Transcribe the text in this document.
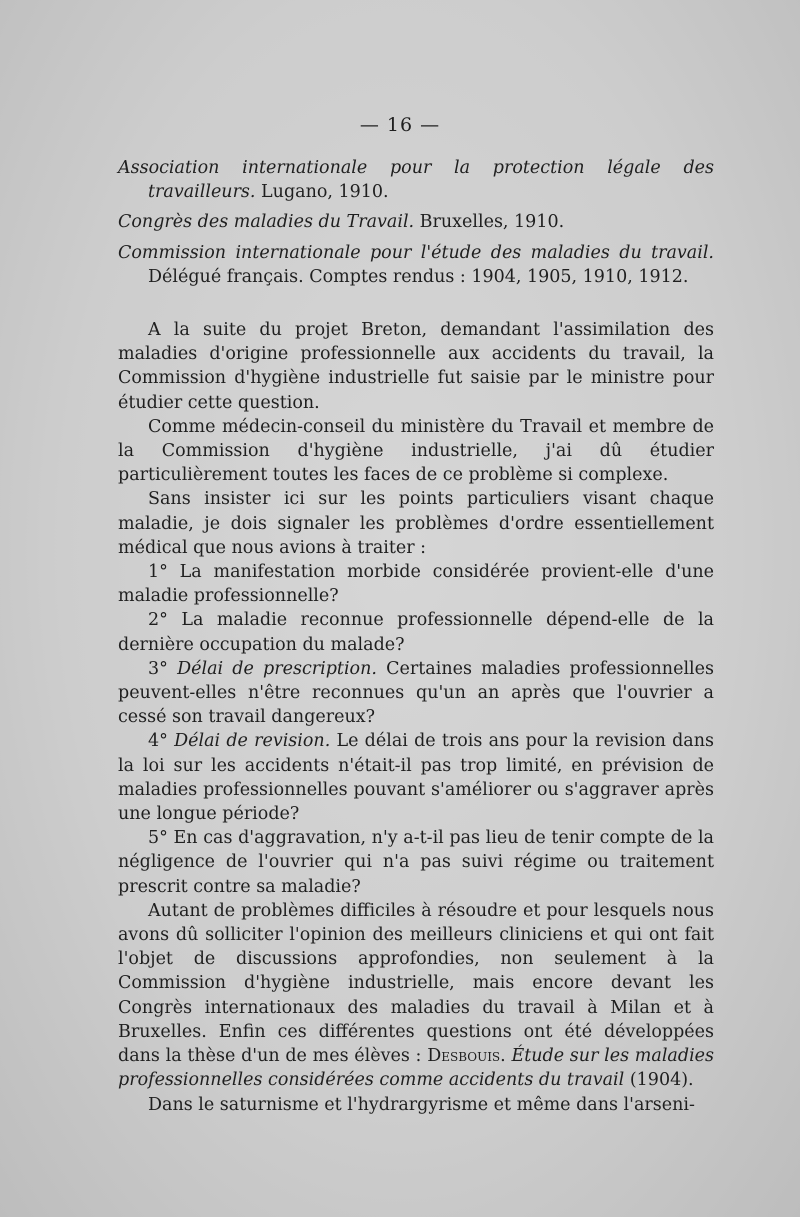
— 16 —
Association internationale pour la protection légale des travailleurs. Lugano, 1910.
Congrès des maladies du Travail. Bruxelles, 1910.
Commission internationale pour l'étude des maladies du travail. Délégué français. Comptes rendus : 1904, 1905, 1910, 1912.

A la suite du projet Breton, demandant l'assimilation des maladies d'origine professionnelle aux accidents du travail, la Commission d'hygiène industrielle fut saisie par le ministre pour étudier cette question.

Comme médecin-conseil du ministère du Travail et membre de la Commission d'hygiène industrielle, j'ai dû étudier particulièrement toutes les faces de ce problème si complexe.

Sans insister ici sur les points particuliers visant chaque maladie, je dois signaler les problèmes d'ordre essentiellement médical que nous avions à traiter :

1° La manifestation morbide considérée provient-elle d'une maladie professionnelle?

2° La maladie reconnue professionnelle dépend-elle de la dernière occupation du malade?

3° Délai de prescription. Certaines maladies professionnelles peuvent-elles n'être reconnues qu'un an après que l'ouvrier a cessé son travail dangereux?

4° Délai de revision. Le délai de trois ans pour la revision dans la loi sur les accidents n'était-il pas trop limité, en prévision de maladies professionnelles pouvant s'améliorer ou s'aggraver après une longue période?

5° En cas d'aggravation, n'y a-t-il pas lieu de tenir compte de la négligence de l'ouvrier qui n'a pas suivi régime ou traitement prescrit contre sa maladie?

Autant de problèmes difficiles à résoudre et pour lesquels nous avons dû solliciter l'opinion des meilleurs cliniciens et qui ont fait l'objet de discussions approfondies, non seulement à la Commission d'hygiène industrielle, mais encore devant les Congrès internationaux des maladies du travail à Milan et à Bruxelles. Enfin ces différentes questions ont été développées dans la thèse d'un de mes élèves : Desbouis. Étude sur les maladies professionnelles considérées comme accidents du travail (1904).

Dans le saturnisme et l'hydrargyrisme et même dans l'arseni-
